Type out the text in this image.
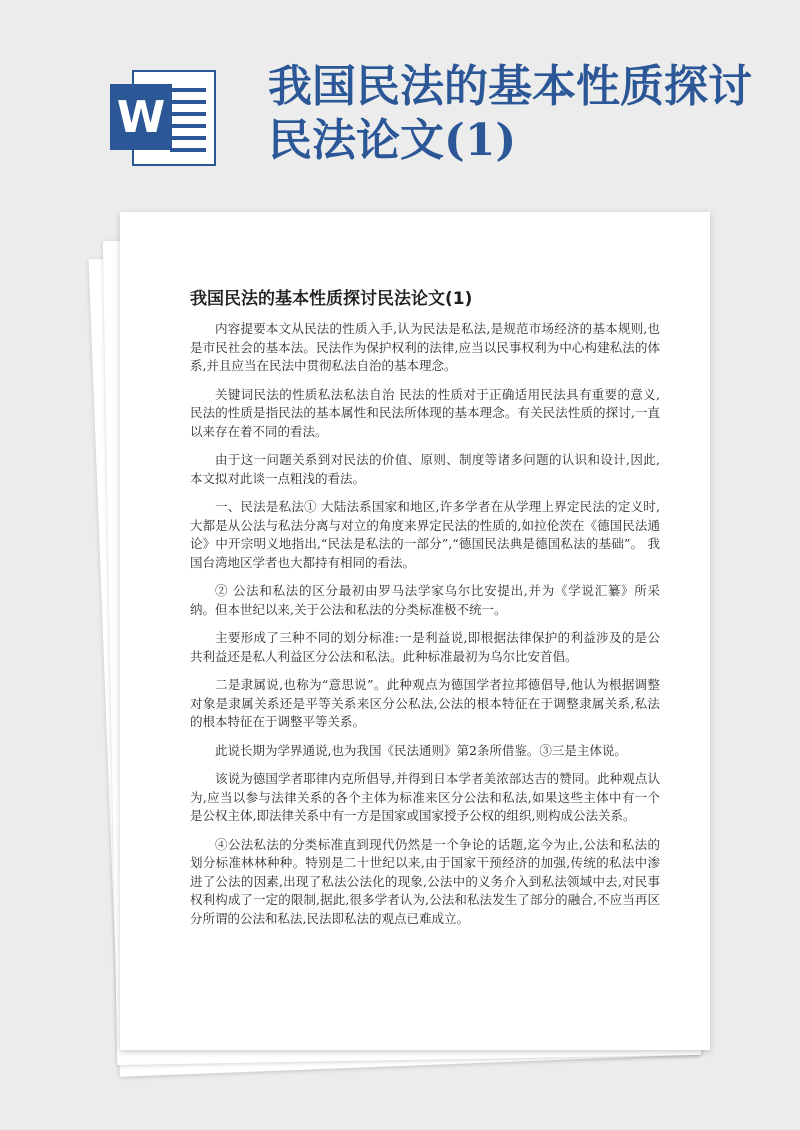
W
我国民法的基本性质探讨民法论文(1)
我国民法的基本性质探讨民法论文(1)

内容提要本文从民法的性质入手,认为民法是私法,是规范市场经济的基本规则,也是市民社会的基本法。民法作为保护权利的法律,应当以民事权利为中心构建私法的体系,并且应当在民法中贯彻私法自治的基本理念。

关键词民法的性质私法私法自治 民法的性质对于正确适用民法具有重要的意义,民法的性质是指民法的基本属性和民法所体现的基本理念。有关民法性质的探讨,一直以来存在着不同的看法。

由于这一问题关系到对民法的价值、原则、制度等诸多问题的认识和设计,因此,本文拟对此谈一点粗浅的看法。

一、民法是私法① 大陆法系国家和地区,许多学者在从学理上界定民法的定义时,大都是从公法与私法分离与对立的角度来界定民法的性质的,如拉伦茨在《德国民法通论》中开宗明义地指出,“民法是私法的一部分”,“德国民法典是德国私法的基础”。 我国台湾地区学者也大都持有相同的看法。

② 公法和私法的区分最初由罗马法学家乌尔比安提出,并为《学说汇纂》所采纳。但本世纪以来,关于公法和私法的分类标准极不统一。

主要形成了三种不同的划分标准:一是利益说,即根据法律保护的利益涉及的是公共利益还是私人利益区分公法和私法。此种标准最初为乌尔比安首倡。

二是隶属说,也称为“意思说”。此种观点为德国学者拉邦德倡导,他认为根据调整对象是隶属关系还是平等关系来区分公私法,公法的根本特征在于调整隶属关系,私法的根本特征在于调整平等关系。

此说长期为学界通说,也为我国《民法通则》第2条所借鉴。③三是主体说。

该说为德国学者耶律内克所倡导,并得到日本学者美浓部达吉的赞同。此种观点认为,应当以参与法律关系的各个主体为标准来区分公法和私法,如果这些主体中有一个是公权主体,即法律关系中有一方是国家或国家授予公权的组织,则构成公法关系。

④公法私法的分类标准直到现代仍然是一个争论的话题,迄今为止,公法和私法的划分标准林林种种。特别是二十世纪以来,由于国家干预经济的加强,传统的私法中渗进了公法的因素,出现了私法公法化的现象,公法中的义务介入到私法领域中去,对民事权利构成了一定的限制,据此,很多学者认为,公法和私法发生了部分的融合,不应当再区分所谓的公法和私法,民法即私法的观点已难成立。
